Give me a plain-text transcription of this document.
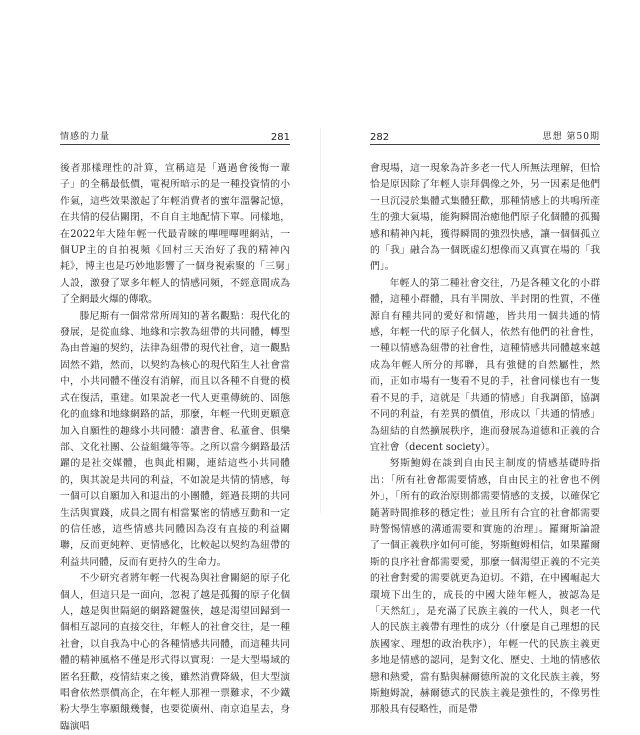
情感的力量	281

後者那樣理性的計算，宣稱這是「過過會後悔一輩子」的全稱最低價，電視所暗示的是一種投資情的小作氣，這些效果激起了年輕消費者的蜜年溫馨記憶，在共情的侵佔關閉，不自自主地配情下單。同樣地，在2022年大陸年輕一代最青睞的嗶哩嗶哩網站，一個UP主的自拍視頻《回村三天治好了我的精神內耗》，博主也是巧妙地影響了一個身視索聚的「三舅」人設，激發了眾多年輕人的情感同頻，不經意間成為了全網最火爆的傳歌。

滕尼斯有一個常常所周知的著名觀點：現代化的發展，是從血緣、地緣和宗教為紐帶的共同體，轉型為由普遍的契約，法律為紐帶的現代社會，這一觀點固然不錯，然而，以契約為核心的現代陌生人社會當中，小共同體不僅沒有消解，而且以各種不自覺的模式在復活，重建。如果說老一代人更重傳統的、固態化的血緣和地緣網路的話，那麼，年輕一代則更願意加入自願性的趣緣小共同體：讀書會、私董會、俱樂部、文化社團、公益組織等等。之所以當今網路最活躍的是社交媒體，也與此相關，連結這些小共同體的，與其說是共同的利益，不如說是共情的情感，每一個可以自願加入和退出的小團體，經過長期的共同生活與實踐，成員之間有相當緊密的情感互動和一定的信任感，這些情感共同體因為沒有直接的利益關聯，反而更純粹、更情感化，比較起以契約為紐帶的利益共同體，反而有更持久的生命力。

不少研究者將年輕一代視為與社會關絕的原子化個人，但這只是一面向，忽視了越是孤獨的原子化個人，越是與世隔絕的網路鍵盤俠，越是渴望回歸到一個相互認同的直接交往，年輕人的社會交往，是一種社會，以自我為中心的各種情感共同體，而這種共同體的精神風格不僅是形式得以實現：一是大型場域的匿名狂歡，疫情結束之後，雖然消費降級，但大型演唱會依然票價高企，在年輕人那裡一票難求，不少鐵粉大學生寧願餓幾餐，也要從廣州、南京追星去，身臨演唱

282	思想 第50期

會現場，這一現象為許多老一代人所無法理解，但恰恰是原因除了年輕人崇拜偶像之外，另一因素是他們一旦沉浸於集體式集體狂歡，那種情感上的共鳴所產生的強大氣場，能夠瞬間治癒他們原子化個體的孤獨感和精神內耗，獲得瞬間的強烈快感，讓一個個孤立的「我」融合為一個既虛幻想像而又真實在場的「我們」。

年輕人的第二種社會交往，乃是各種文化的小群體，這種小群體，具有半開放、半封閉的性質，不僅源自有種共同的愛好和情趣，皆共用一個共通的情感，年輕一代的原子化個人，依然有他們的社會性，一種以情感為紐帶的社會性，這種情感共同體越來越成為年輕人所分的邦聯，具有強健的自然屬性，然而，正如市場有一隻看不見的手，社會同樣也有一隻看不見的手，這就是「共通的情感」自我調節，協調不同的利益，有差異的價值，形成以「共通的情感」為紐結的自然擴展秩序，進而發展為道德和正義的合宜社會（decent society）。

努斯鮑姆在談到自由民主制度的情感基礎時指出：「所有社會都需要情感，自由民主的社會也不例外」，「所有的政治原則都需要情感的支援，以確保它隨著時間推移的穩定性；並且所有合宜的社會都需要時警惕情感的溝通需要和實施的治理」。羅爾斯論證了一個正義秩序如何可能，努斯鮑姆相信，如果羅爾斯的良序社會都需要愛，那麼一個渴望正義的不完美的社會對愛的需要就更為迫切。不錯，在中國崛起大環境下出生的，成長的中國大陸年輕人，被認為是「天然紅」，是充滿了民族主義的一代人，與老一代人的民族主義帶有理性的成分（什麼是自己理想的民族國家、理想的政治秩序），年輕一代的民族主義更多地是情感的認同，是對文化、歷史、土地的情感依戀和熱愛，當有點與赫爾德所說的文化民族主義，努斯鮑姆說，赫爾德式的民族主義是強性的，不像男性那般具有侵略性，而是帶
